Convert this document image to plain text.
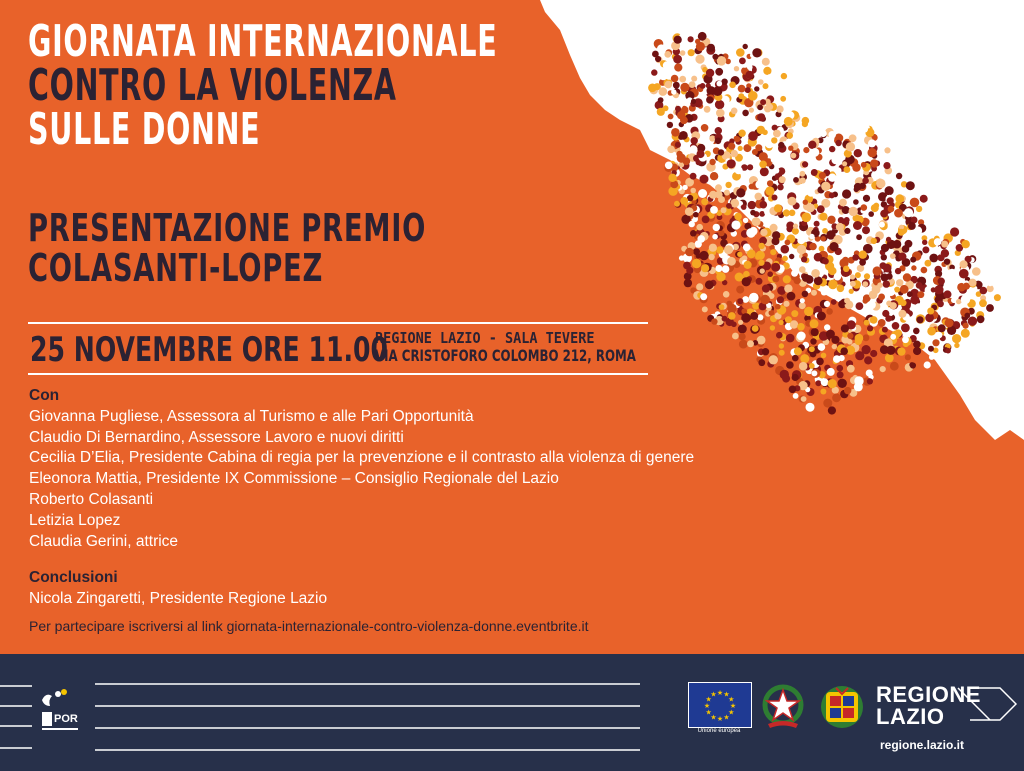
GIORNATA INTERNAZIONALE
CONTRO LA VIOLENZA
SULLE DONNE
PRESENTAZIONE PREMIO
COLASANTI-LOPEZ
25 NOVEMBRE ORE 11.00
REGIONE LAZIO - SALA TEVERE
VIA CRISTOFORO COLOMBO 212, ROMA
Con
Giovanna Pugliese, Assessora al Turismo e alle Pari Opportunità
Claudio Di Bernardino, Assessore Lavoro e nuovi diritti
Cecilia D’Elia, Presidente Cabina di regia per la prevenzione e il contrasto alla violenza di genere
Eleonora Mattia, Presidente IX Commissione – Consiglio Regionale del Lazio
Roberto Colasanti
Letizia Lopez
Claudia Gerini, attrice
Conclusioni
Nicola Zingaretti, Presidente Regione Lazio
Per partecipare iscriversi al link giornata-internazionale-contro-violenza-donne.eventbrite.it
POR
★
★
★
★
★
★
★
★
★ ★ ★
★
Unione europea
REGIONE
LAZIO
regione.lazio.it
